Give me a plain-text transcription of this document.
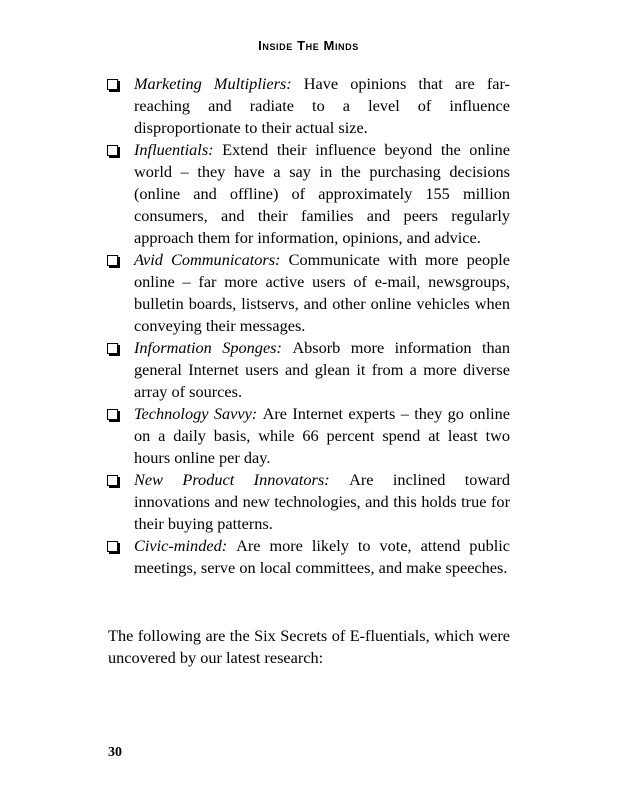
Inside The Minds
Marketing Multipliers: Have opinions that are far-reaching and radiate to a level of influence disproportionate to their actual size.
Influentials: Extend their influence beyond the online world – they have a say in the purchasing decisions (online and offline) of approximately 155 million consumers, and their families and peers regularly approach them for information, opinions, and advice.
Avid Communicators: Communicate with more people online – far more active users of e-mail, newsgroups, bulletin boards, listservs, and other online vehicles when conveying their messages.
Information Sponges: Absorb more information than general Internet users and glean it from a more diverse array of sources.
Technology Savvy: Are Internet experts – they go online on a daily basis, while 66 percent spend at least two hours online per day.
New Product Innovators: Are inclined toward innovations and new technologies, and this holds true for their buying patterns.
Civic-minded: Are more likely to vote, attend public meetings, serve on local committees, and make speeches.

The following are the Six Secrets of E-fluentials, which were uncovered by our latest research:

30
